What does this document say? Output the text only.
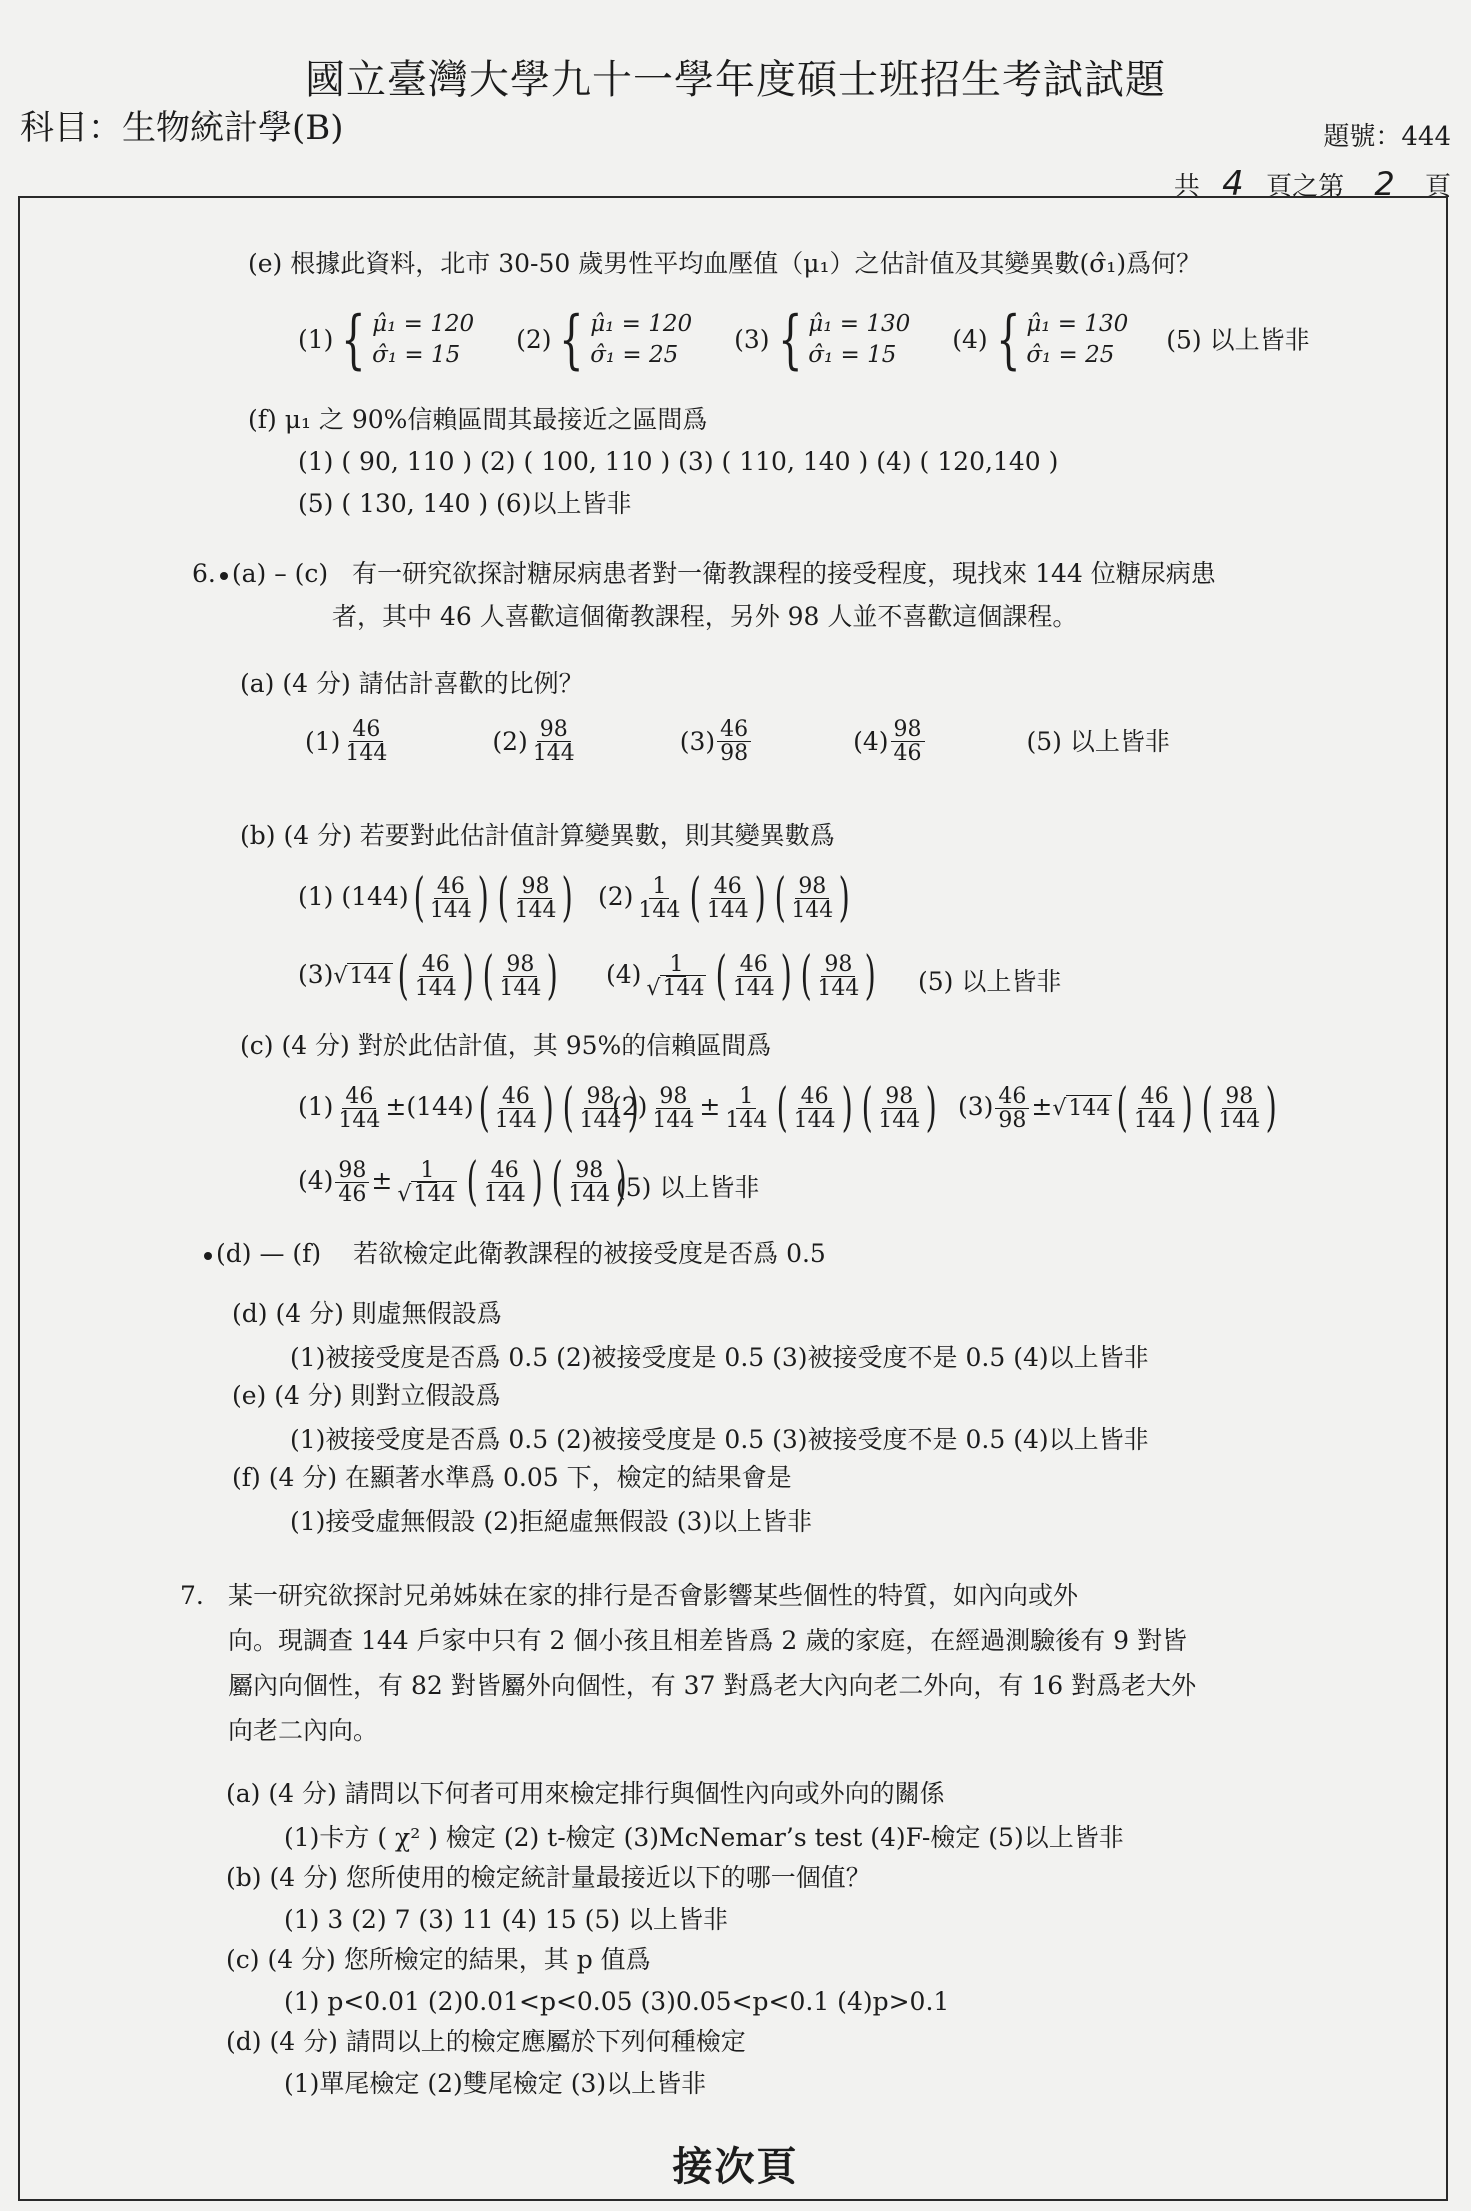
國立臺灣大學九十一學年度碩士班招生考試試題
科目：生物統計學(B)	題號：444
共 4 頁之第 2 頁
(e) 根據此資料，北市 30-50 歲男性平均血壓值（μ₁）之估計值及其變異數(σ̂₁)爲何？
(1) { μ̂₁ = 120
σ̂₁ = 15

(2) { μ̂₁ = 120
σ̂₁ = 25

(3) { μ̂₁ = 130
σ̂₁ = 15

(4) { μ̂₁ = 130
σ̂₁ = 25
(5) 以上皆非
(f) μ₁ 之 90%信賴區間其最接近之區間爲
(1) ( 90, 110 ) (2) ( 100, 110 ) (3) ( 110, 140 ) (4) ( 120,140 )
(5) ( 130, 140 ) (6)以上皆非
6. (a) – (c) 有一研究欲探討糖尿病患者對一衛教課程的接受程度，現找來 144 位糖尿病患
者，其中 46 人喜歡這個衛教課程，另外 98 人並不喜歡這個課程。
(a) (4 分) 請估計喜歡的比例？
$(1) \frac{46}{144}$
	$(2) \frac{98}{144}$
	$(3) \frac{46}{98}$
	$(4) \frac{98}{46}$	(5) 以上皆非
(b) (4 分) 若要對此估計值計算變異數，則其變異數爲
(1) (144) ( $\frac{46}{144}$
) ( $\frac{98}{144}$
) $(2) \frac{1}{144}$ ( $\frac{46}{144}$
) ( $\frac{98}{144}$
)
(3)√144 ( $\frac{46}{144}$
) ( $\frac{98}{144}$
) $(4) \frac{1}{√144}$ ( $\frac{46}{144}$
) ( $\frac{98}{144}$
) (5) 以上皆非
(c) (4 分) 對於此估計值，其 95%的信賴區間爲
$(1) \frac{46}{144} \pm(144)$ ( $\frac{46}{144}$
) ( $\frac{98}{144}$
)
$(2) \frac{98}{144} \pm \frac{1}{144}$ ( $\frac{46}{144}$
) ( $\frac{98}{144}$
) $(3) \frac{46}{98} \pm√144$ ( $\frac{46}{144}$
) ( $\frac{98}{144}$
)
$(4) \frac{98}{46} \pm \frac{1}{√144}$ ( $\frac{46}{144}$
) ( $\frac{98}{144}$
) (5) 以上皆非
(d) — (f) 若欲檢定此衛教課程的被接受度是否爲 0.5
(d) (4 分) 則虛無假設爲
(1)被接受度是否爲 0.5 (2)被接受度是 0.5 (3)被接受度不是 0.5 (4)以上皆非
(e) (4 分) 則對立假設爲
(1)被接受度是否爲 0.5 (2)被接受度是 0.5 (3)被接受度不是 0.5 (4)以上皆非
(f) (4 分) 在顯著水準爲 0.05 下，檢定的結果會是
(1)接受虛無假設 (2)拒絕虛無假設 (3)以上皆非
7. 某一研究欲探討兄弟姊妹在家的排行是否會影響某些個性的特質，如內向或外
向。現調查 144 戶家中只有 2 個小孩且相差皆爲 2 歲的家庭，在經過測驗後有 9 對皆
屬內向個性，有 82 對皆屬外向個性，有 37 對爲老大內向老二外向，有 16 對爲老大外
向老二內向。
(a) (4 分) 請問以下何者可用來檢定排行與個性內向或外向的關係
(1)卡方 ( χ² ) 檢定 (2) t-檢定 (3)McNemar’s test (4)F-檢定 (5)以上皆非
(b) (4 分) 您所使用的檢定統計量最接近以下的哪一個值？
(1) 3 (2) 7 (3) 11 (4) 15 (5) 以上皆非
(c) (4 分) 您所檢定的結果，其 p 值爲
(1) p<0.01 (2)0.01<p<0.05 (3)0.05<p<0.1 (4)p>0.1
(d) (4 分) 請問以上的檢定應屬於下列何種檢定
(1)單尾檢定 (2)雙尾檢定 (3)以上皆非
接次頁
